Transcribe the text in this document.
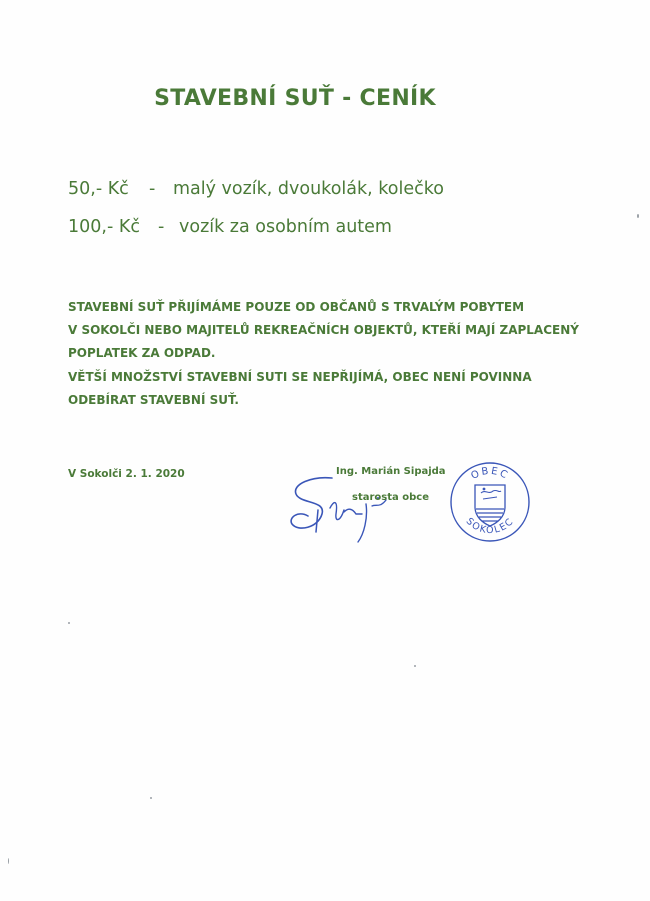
STAVEBNÍ SUŤ - CENÍK
50,- Kč - malý vozík, dvoukolák, kolečko
100,- Kč - vozík za osobním autem
STAVEBNÍ SUŤ PŘIJÍMÁME POUZE OD OBČANŮ S TRVALÝM POBYTEM
V SOKOLČI NEBO MAJITELŮ REKREAČNÍCH OBJEKTŮ, KTEŘÍ MAJÍ ZAPLACENÝ
POPLATEK ZA ODPAD.
VĚTŠÍ MNOŽSTVÍ STAVEBNÍ SUTI SE NEPŘIJÍMÁ, OBEC NENÍ POVINNA
ODEBÍRAT STAVEBNÍ SUŤ.
V Sokolči 2. 1. 2020	Ing. Marián Sipajda
starosta obce
OBEC
SOKOLEC
